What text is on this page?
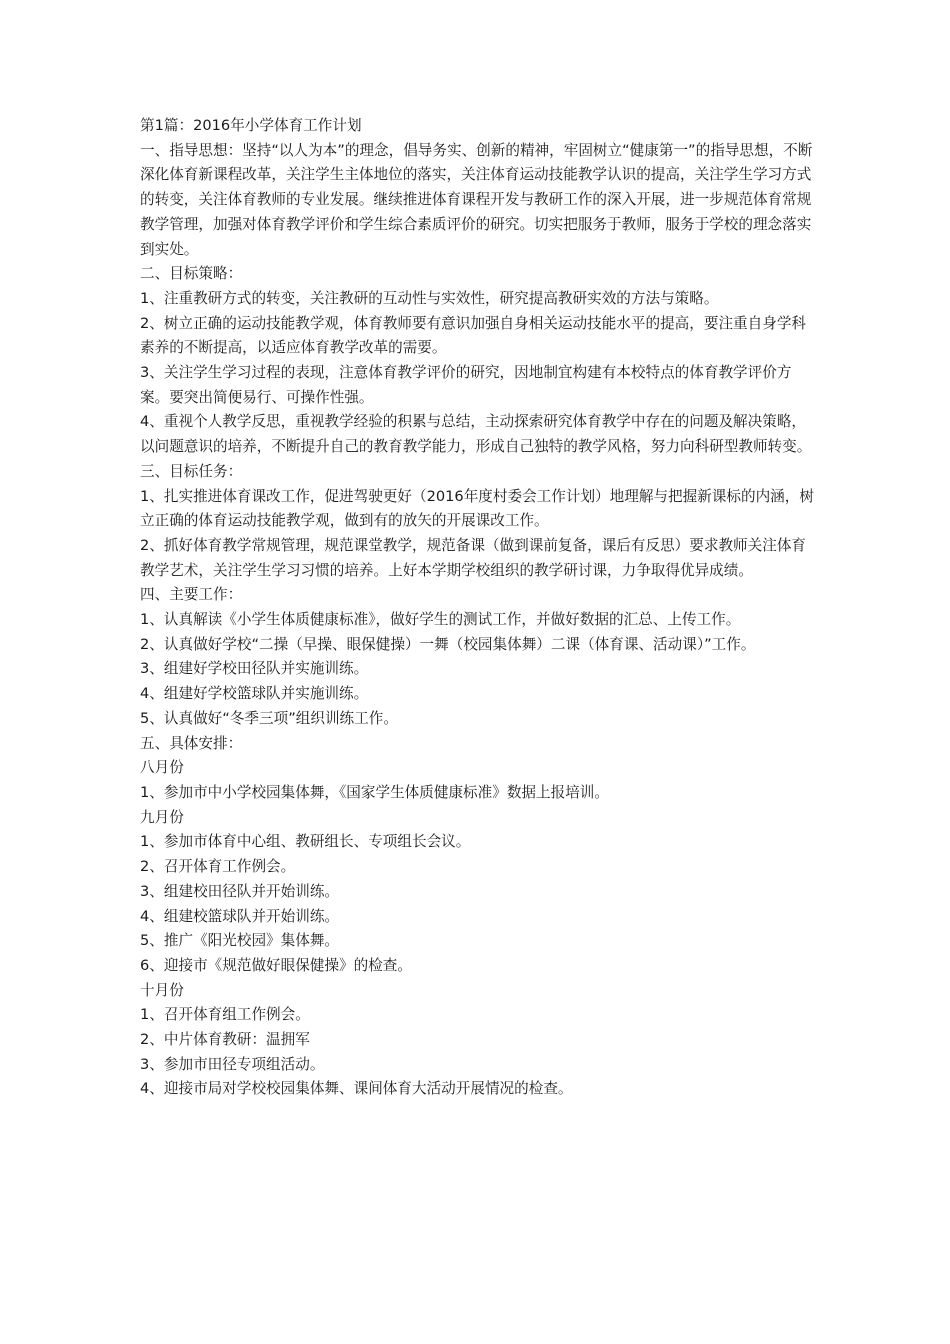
第1篇：2016年小学体育工作计划

一、指导思想：坚持“以人为本”的理念，倡导务实、创新的精神，牢固树立“健康第一”的指导思想，不断深化体育新课程改革，关注学生主体地位的落实，关注体育运动技能教学认识的提高，关注学生学习方式的转变，关注体育教师的专业发展。继续推进体育课程开发与教研工作的深入开展，进一步规范体育常规教学管理，加强对体育教学评价和学生综合素质评价的研究。切实把服务于教师，服务于学校的理念落实到实处。

二、目标策略：

1、注重教研方式的转变，关注教研的互动性与实效性，研究提高教研实效的方法与策略。

2、树立正确的运动技能教学观，体育教师要有意识加强自身相关运动技能水平的提高，要注重自身学科素养的不断提高，以适应体育教学改革的需要。

3、关注学生学习过程的表现，注意体育教学评价的研究，因地制宜构建有本校特点的体育教学评价方案。要突出简便易行、可操作性强。

4、重视个人教学反思，重视教学经验的积累与总结，主动探索研究体育教学中存在的问题及解决策略，以问题意识的培养，不断提升自己的教育教学能力，形成自己独特的教学风格，努力向科研型教师转变。

三、目标任务：

1、扎实推进体育课改工作，促进驾驶更好（2016年度村委会工作计划）地理解与把握新课标的内涵，树立正确的体育运动技能教学观，做到有的放矢的开展课改工作。

2、抓好体育教学常规管理，规范课堂教学，规范备课（做到课前复备，课后有反思）要求教师关注体育教学艺术，关注学生学习习惯的培养。上好本学期学校组织的教学研讨课，力争取得优异成绩。

四、主要工作：

1、认真解读《小学生体质健康标准》，做好学生的测试工作，并做好数据的汇总、上传工作。

2、认真做好学校“二操（早操、眼保健操）一舞（校园集体舞）二课（体育课、活动课）”工作。

3、组建好学校田径队并实施训练。

4、组建好学校篮球队并实施训练。

5、认真做好“冬季三项”组织训练工作。

五、具体安排：

八月份

1、参加市中小学校园集体舞，《国家学生体质健康标准》数据上报培训。

九月份

1、参加市体育中心组、教研组长、专项组长会议。

2、召开体育工作例会。

3、组建校田径队并开始训练。

4、组建校篮球队并开始训练。

5、推广《阳光校园》集体舞。

6、迎接市《规范做好眼保健操》的检查。

十月份

1、召开体育组工作例会。

2、中片体育教研：温拥军

3、参加市田径专项组活动。

4、迎接市局对学校校园集体舞、课间体育大活动开展情况的检查。
